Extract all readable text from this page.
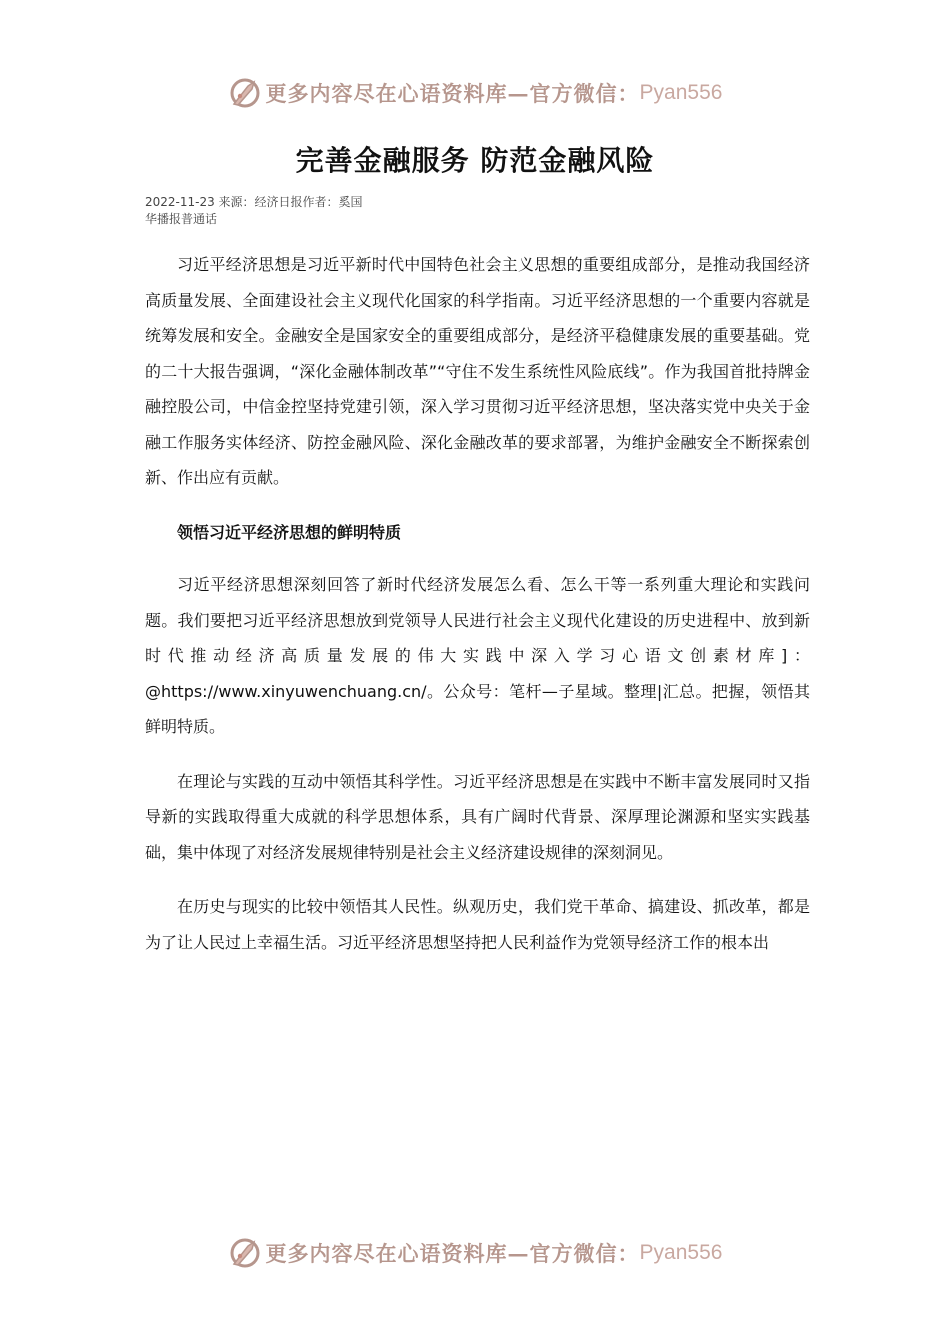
更多内容尽在心语资料库 — 官方微信： Pyan556
完善金融服务 防范金融风险
2022-11-23 来源：经济日报作者：奚国
华播报普通话

习近平经济思想是习近平新时代中国特色社会主义思想的重要组成部分，是推动我国经济高质量发展、全面建设社会主义现代化国家的科学指南。习近平经济思想的一个重要内容就是统筹发展和安全。金融安全是国家安全的重要组成部分，是经济平稳健康发展的重要基础。党的二十大报告强调，“深化金融体制改革”“守住不发生系统性风险底线”。作为我国首批持牌金融控股公司，中信金控坚持党建引领，深入学习贯彻习近平经济思想，坚决落实党中央关于金融工作服务实体经济、防控金融风险、深化金融改革的要求部署，为维护金融安全不断探索创新、作出应有贡献。

领悟习近平经济思想的鲜明特质

习近平经济思想深刻回答了新时代经济发展怎么看、怎么干等一系列重大理论和实践问题。我们要把习近平经济思想放到党领导人民进行社会主义现代化建设的历史进程中、放到新时代推动经济高质量发展的伟大实践中深入学习心语文创素材库]：@https://www.xinyuwenchuang.cn/。公众号：笔杆—子星域。整理|汇总。把握，领悟其鲜明特质。

在理论与实践的互动中领悟其科学性。习近平经济思想是在实践中不断丰富发展同时又指导新的实践取得重大成就的科学思想体系，具有广阔时代背景、深厚理论渊源和坚实实践基础，集中体现了对经济发展规律特别是社会主义经济建设规律的深刻洞见。

在历史与现实的比较中领悟其人民性。纵观历史，我们党干革命、搞建设、抓改革，都是为了让人民过上幸福生活。习近平经济思想坚持把人民利益作为党领导经济工作的根本出

更多内容尽在心语资料库 — 官方微信： Pyan556
